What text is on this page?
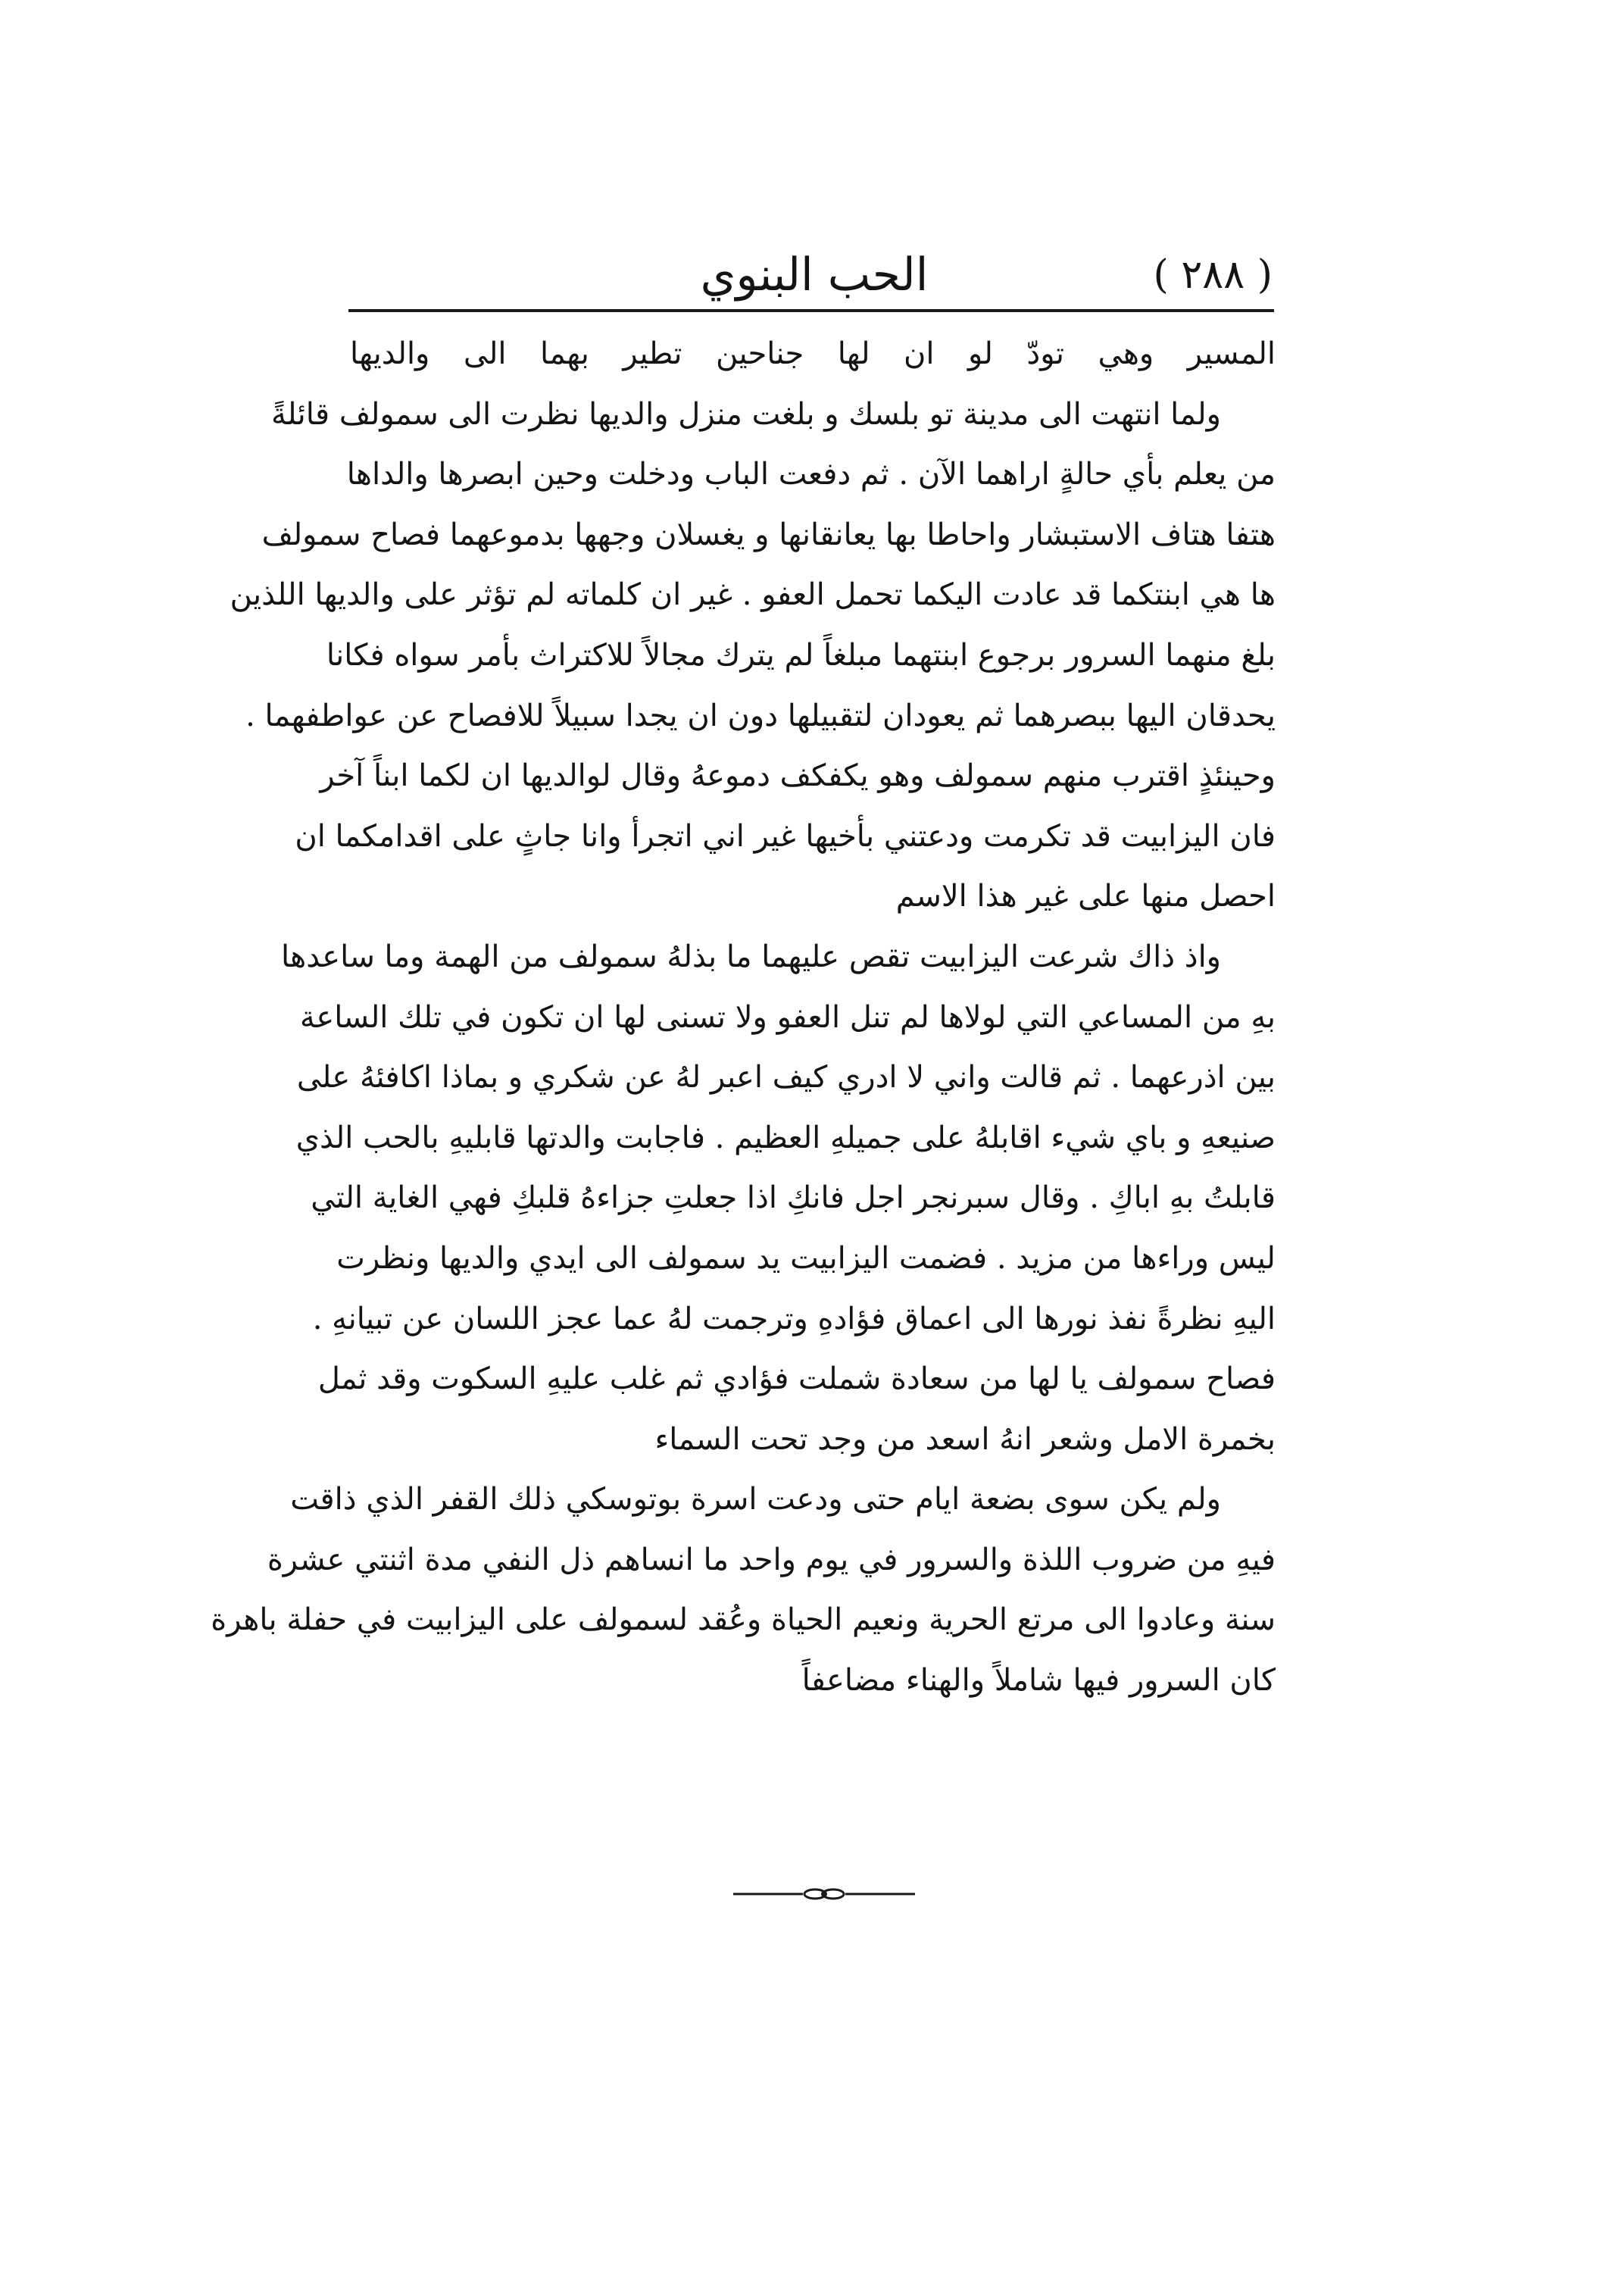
( ٢٨٨ )
الحب البنوي
المسير وهي تودّ لو ان لها جناحين تطير بهما الى والديها
ولما انتهت الى مدينة تو بلسك و بلغت منزل والديها نظرت الى سمولف قائلةً
من يعلم بأي حالةٍ اراهما الآن . ثم دفعت الباب ودخلت وحين ابصرها والداها
هتفا هتاف الاستبشار واحاطا بها يعانقانها و يغسلان وجهها بدموعهما فصاح سمولف
ها هي ابنتكما قد عادت اليكما تحمل العفو . غير ان كلماته لم تؤثر على والديها اللذين
بلغ منهما السرور برجوع ابنتهما مبلغاً لم يترك مجالاً للاكتراث بأمر سواه فكانا
يحدقان اليها ببصرهما ثم يعودان لتقبيلها دون ان يجدا سبيلاً للافصاح عن عواطفهما .
وحينئذٍ اقترب منهم سمولف وهو يكفكف دموعهُ وقال لوالديها ان لكما ابناً آخر
فان اليزابيت قد تكرمت ودعتني بأخيها غير اني اتجرأ وانا جاثٍ على اقدامكما ان
احصل منها على غير هذا الاسم
واذ ذاك شرعت اليزابيت تقص عليهما ما بذلهُ سمولف من الهمة وما ساعدها
بهِ من المساعي التي لولاها لم تنل العفو ولا تسنى لها ان تكون في تلك الساعة
بين اذرعهما . ثم قالت واني لا ادري كيف اعبر لهُ عن شكري و بماذا اكافئهُ على
صنيعهِ و باي شيء اقابلهُ على جميلهِ العظيم . فاجابت والدتها قابليهِ بالحب الذي
قابلتُ بهِ اباكِ . وقال سبرنجر اجل فانكِ اذا جعلتِ جزاءهُ قلبكِ فهي الغاية التي
ليس وراءها من مزيد . فضمت اليزابيت يد سمولف الى ايدي والديها ونظرت
اليهِ نظرةً نفذ نورها الى اعماق فؤادهِ وترجمت لهُ عما عجز اللسان عن تبيانهِ .
فصاح سمولف يا لها من سعادة شملت فؤادي ثم غلب عليهِ السكوت وقد ثمل
بخمرة الامل وشعر انهُ اسعد من وجد تحت السماء
ولم يكن سوى بضعة ايام حتى ودعت اسرة بوتوسكي ذلك القفر الذي ذاقت
فيهِ من ضروب اللذة والسرور في يوم واحد ما انساهم ذل النفي مدة اثنتي عشرة
سنة وعادوا الى مرتع الحرية ونعيم الحياة وعُقد لسمولف على اليزابيت في حفلة باهرة
كان السرور فيها شاملاً والهناء مضاعفاً
